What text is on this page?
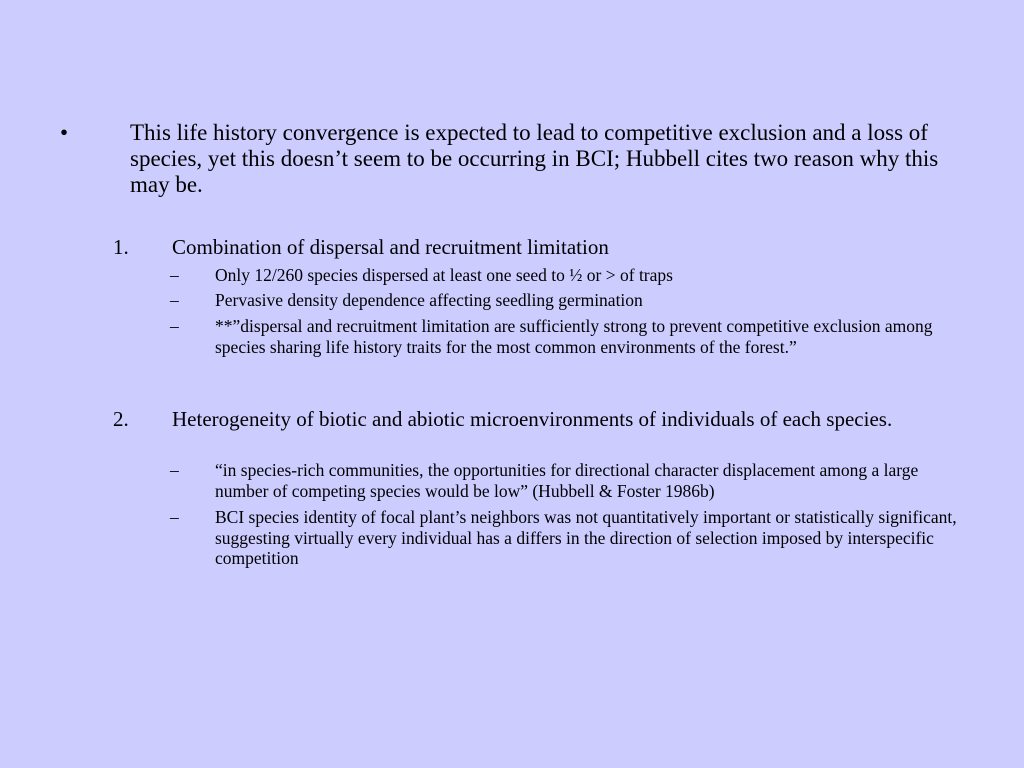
•	This life history convergence is expected to lead to competitive exclusion and a loss of species, yet this doesn’t seem to be occurring in BCI; Hubbell cites two reason why this may be.

1. Combination of dispersal and recruitment limitation

– Only 12/260 species dispersed at least one seed to ½ or > of traps

– Pervasive density dependence affecting seedling germination

– **”dispersal and recruitment limitation are sufficiently strong to prevent competitive exclusion among species sharing life history traits for the most common environments of the forest.”

2. Heterogeneity of biotic and abiotic microenvironments of individuals of each species.

– “in species-rich communities, the opportunities for directional character displacement among a large number of competing species would be low” (Hubbell & Foster 1986b)

– BCI species identity of focal plant’s neighbors was not quantitatively important or statistically significant, suggesting virtually every individual has a differs in the direction of selection imposed by interspecific competition
